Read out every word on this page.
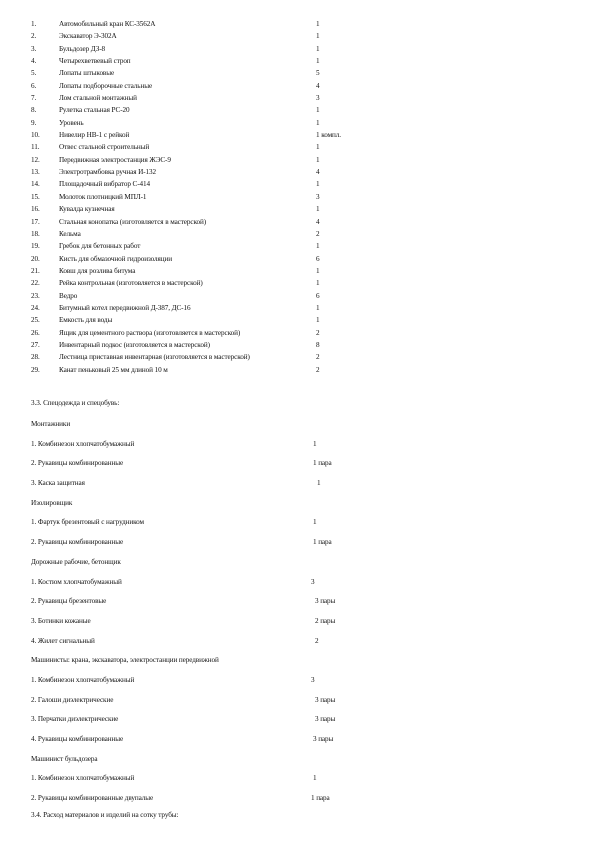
1.	Автомобильный кран КС-3562А	1
2.	Экскаватор Э-302А	1
3.	Бульдозер ДЗ-8	1
4.	Четырехветвевый строп	1
5.	Лопаты штыковые	5
6.	Лопаты подборочные стальные	4
7.	Лом стальной монтажный	3
8.	Рулетка стальная РС-20	1
9.	Уровень	1
10.	Нивелир НВ-1 с рейкой	1 компл.
11.	Отвес стальной строительный	1
12.	Передвижная электростанция ЖЭС-9	1
13.	Электротрамбовка ручная И-132	4
14.	Площадочный вибратор С-414	1
15.	Молоток плотницкий МПЛ-1	3
16.	Кувалда кузнечная	1
17.	Стальная конопатка (изготовляется в мастерской)	4
18.	Кельма	2
19.	Гребок для бетонных работ	1
20.	Кисть для обмазочной гидроизоляции	6
21.	Ковш для розлива битума	1
22.	Рейка контрольная (изготовляется в мастерской)	1
23.	Ведро	6
24.	Битумный котел передвижной Д-387, ДС-16	1
25.	Емкость для воды	1
26.	Ящик для цементного раствора (изготовляется в мастерской)	2
27.	Инвентарный подкос (изготовляется в мастерской)	8
28.	Лестница приставная инвентарная (изготовляется в мастерской)	2
29.	Канат пеньковый 25 мм длиной 10 м	2
3.3. Спецодежда и спецобувь:
Монтажники
1. Комбинезон хлопчатобумажный	1
2. Рукавицы комбинированные	1 пара
3. Каска защитная	1
Изолировщик
1. Фартук брезентовый с нагрудником	1
2. Рукавицы комбинированные	1 пара
Дорожные рабочие, бетонщик
1. Костюм хлопчатобумажный	3
2. Рукавицы брезентовые	3 пары
3. Ботинки кожаные	2 пары
4. Жилет сигнальный	2
Машинисты: крана, экскаватора, электростанции передвижной
1. Комбинезон хлопчатобумажный	3
2. Галоши диэлектрические	3 пары
3. Перчатки диэлектрические	3 пары
4. Рукавицы комбинированные	3 пары
Машинист бульдозера
1. Комбинезон хлопчатобумажный	1
2. Рукавицы комбинированные двупалые	1 пара
3.4. Расход материалов и изделий на сотку трубы:
